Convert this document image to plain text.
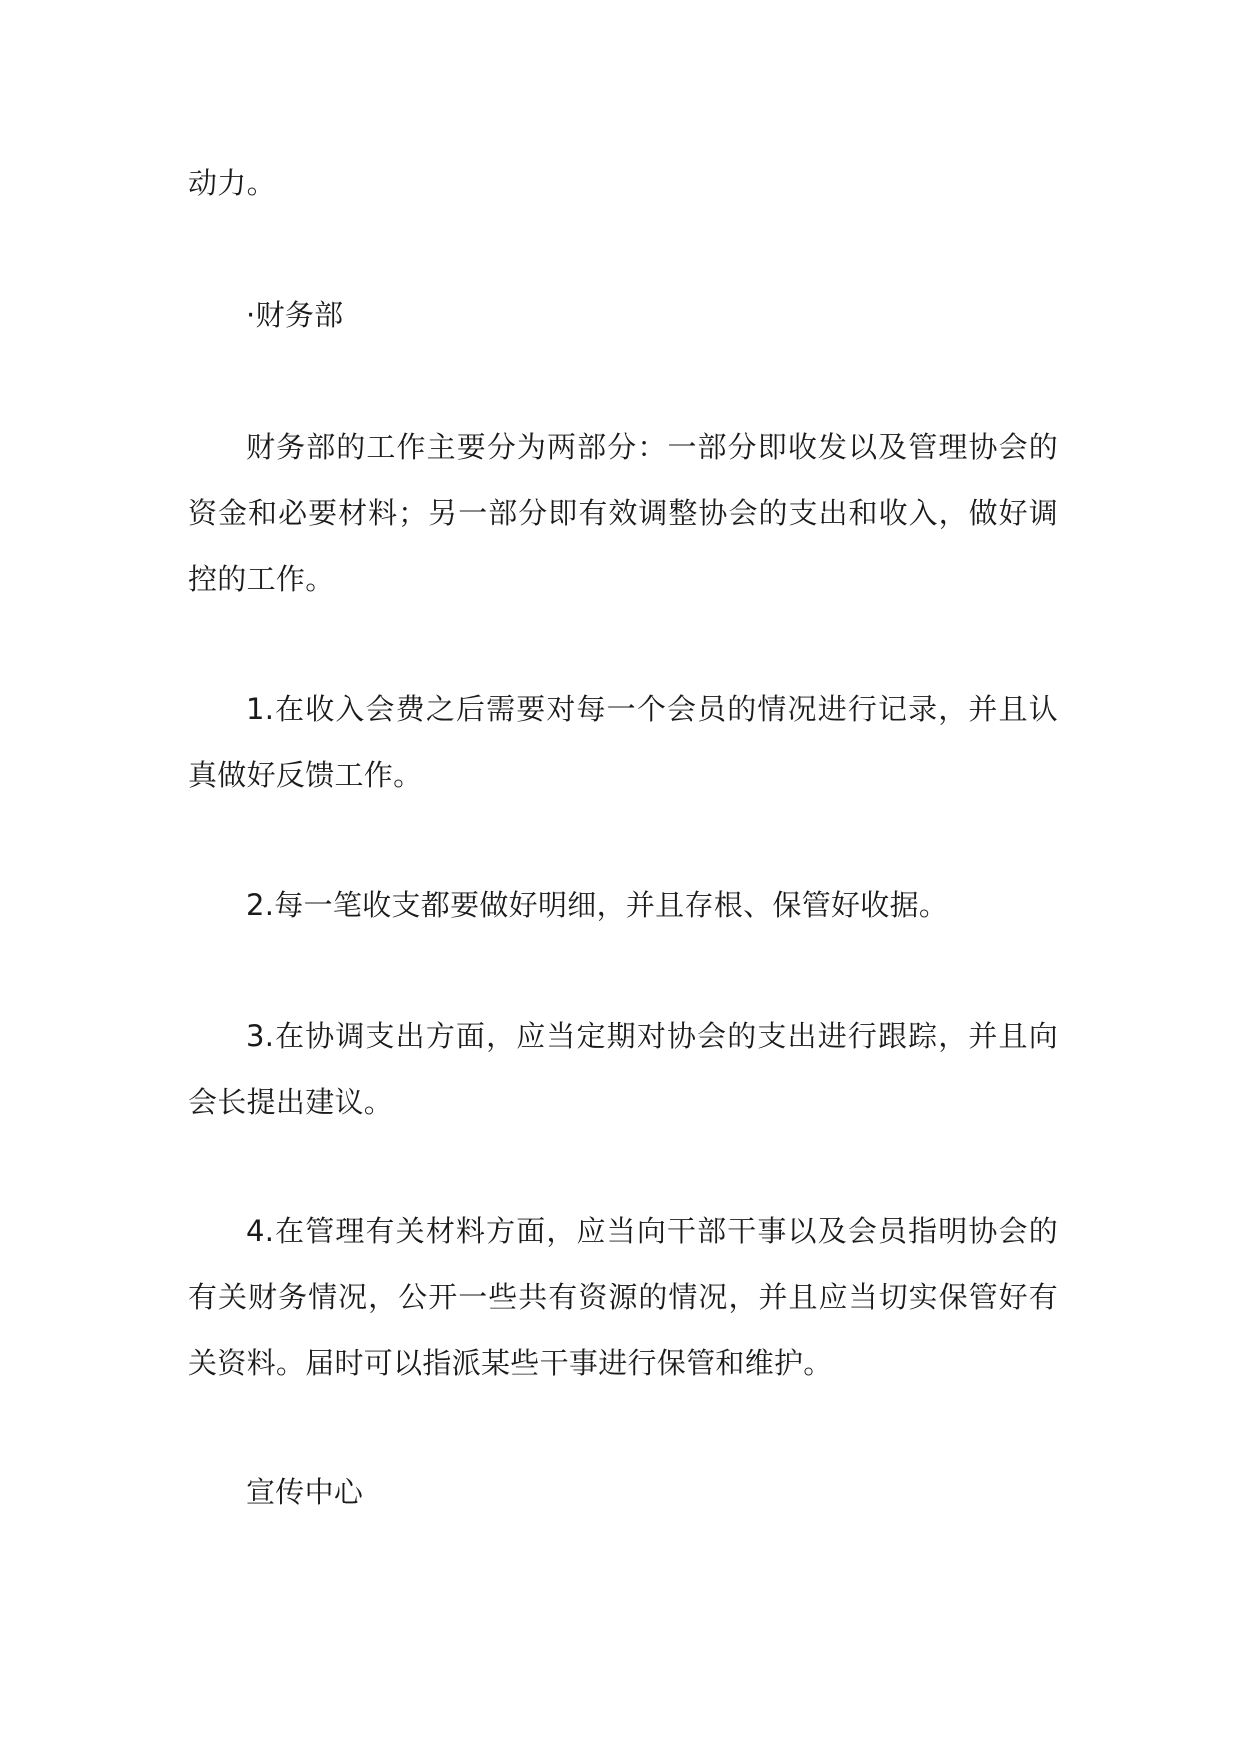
动力。

·财务部

财务部的工作主要分为两部分：一部分即收发以及管理协会的资金和必要材料；另一部分即有效调整协会的支出和收入，做好调控的工作。

1.在收入会费之后需要对每一个会员的情况进行记录，并且认真做好反馈工作。

2.每一笔收支都要做好明细，并且存根、保管好收据。

3.在协调支出方面，应当定期对协会的支出进行跟踪，并且向会长提出建议。

4.在管理有关材料方面，应当向干部干事以及会员指明协会的有关财务情况，公开一些共有资源的情况，并且应当切实保管好有关资料。届时可以指派某些干事进行保管和维护。

宣传中心
